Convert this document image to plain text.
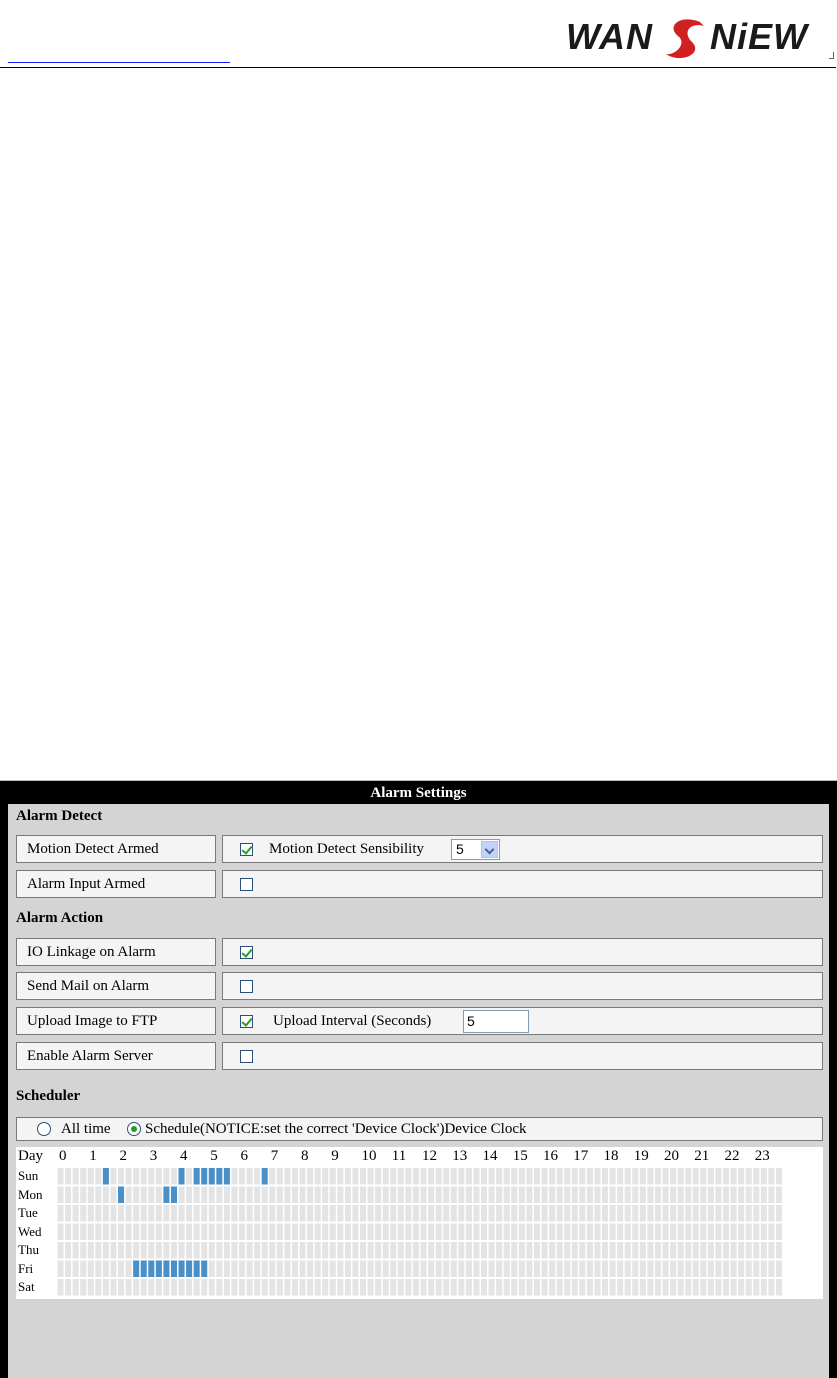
WAN NiEW
Alarm Settings
Alarm Detect
Motion Detect Armed	Motion Detect Sensibility 5
Alarm Input Armed
Alarm Action
IO Linkage on Alarm
Send Mail on Alarm
Upload Image to FTP	Upload Interval (Seconds)	5
Enable Alarm Server
Scheduler
All time Schedule(NOTICE:set the correct 'Device Clock')Device Clock
Day 0 1 2 3 4 5 6 7 8 9 10 11 12 13 14 15 16 17 18 19 20 21 22 23
Sun
Mon
Tue
Wed
Thu
Fri
Sat
